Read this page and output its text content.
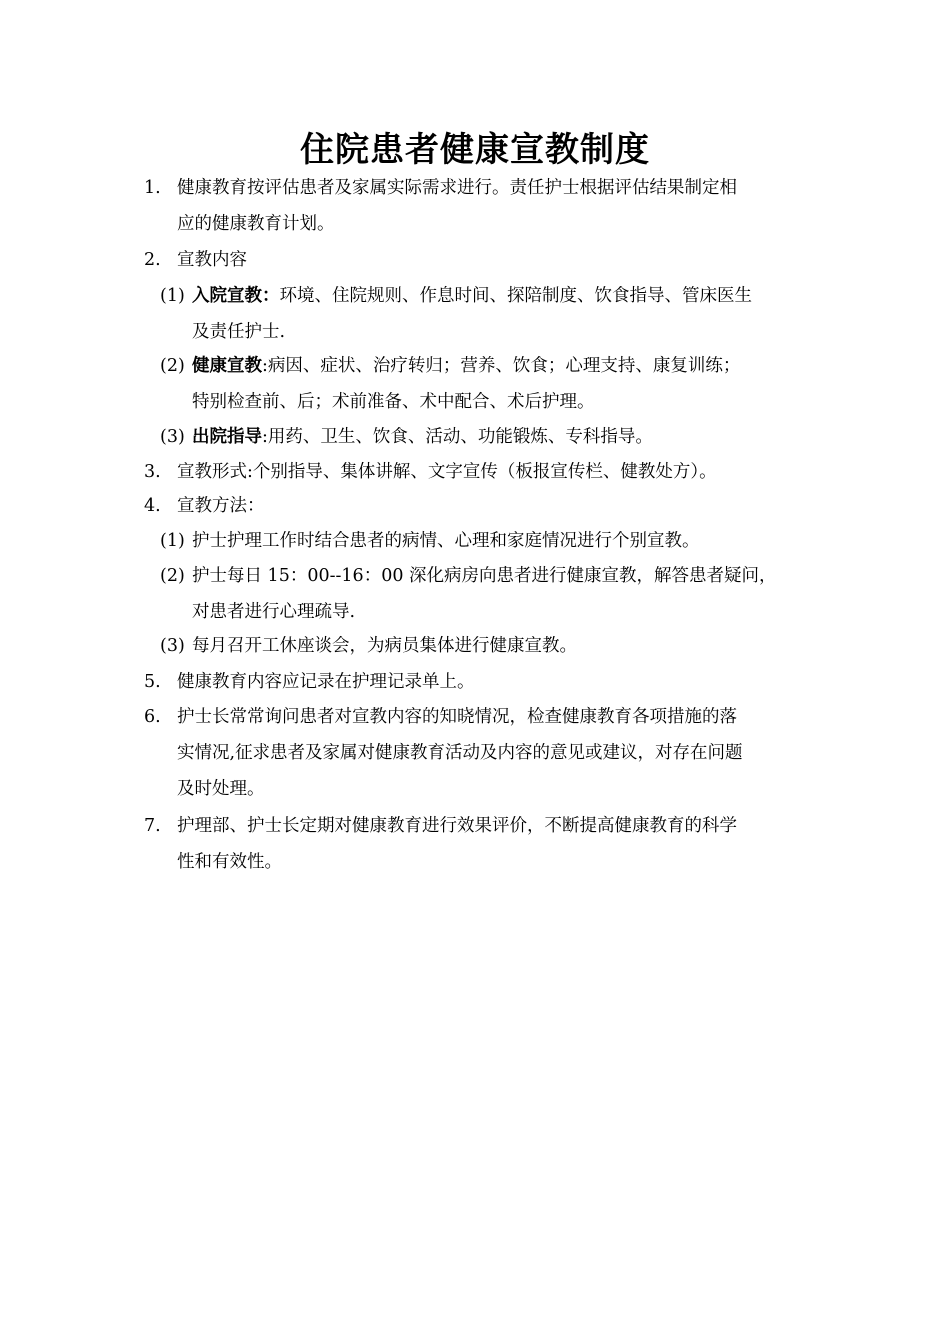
住院患者健康宣教制度
1. 健康教育按评估患者及家属实际需求进行。责任护士根据评估结果制定相
应的健康教育计划。
2. 宣教内容
(1) 入院宣教：环境、住院规则、作息时间、探陪制度、饮食指导、管床医生
及责任护士.
(2) 健康宣教:病因、症状、治疗转归；营养、饮食；心理支持、康复训练；
特别检查前、后；术前准备、术中配合、术后护理。
(3) 出院指导:用药、卫生、饮食、活动、功能锻炼、专科指导。
3. 宣教形式:个别指导、集体讲解、文字宣传（板报宣传栏、健教处方）。
4. 宣教方法：
(1) 护士护理工作时结合患者的病情、心理和家庭情况进行个别宣教。
(2) 护士每日 15：00--16：00 深化病房向患者进行健康宣教，解答患者疑问，
对患者进行心理疏导.
(3) 每月召开工休座谈会，为病员集体进行健康宣教。
5. 健康教育内容应记录在护理记录单上。
6. 护士长常常询问患者对宣教内容的知晓情况，检查健康教育各项措施的落
实情况,征求患者及家属对健康教育活动及内容的意见或建议，对存在问题
及时处理。
7. 护理部、护士长定期对健康教育进行效果评价，不断提高健康教育的科学
性和有效性。
